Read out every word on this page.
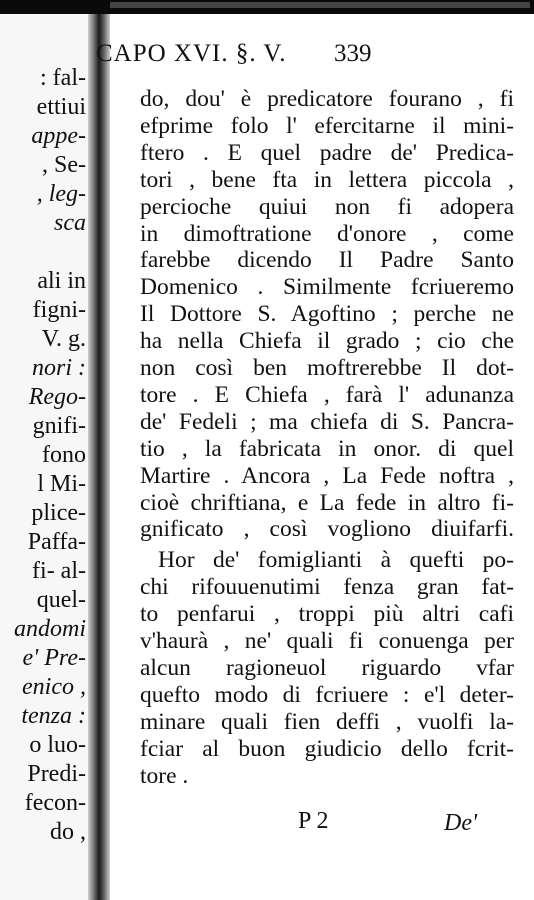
: fal-
ettiui
appe-
, Se-
, leg-
sca
ali in
figni-
V. g.
nori :
Rego-
gnifi-
fono
l Mi-
plice-
Paffa-
fi- al-
quel-
andomi
e' Pre-
enico ,
tenza :
o luo-
Predi-
fecon-
do ,
CAPO XVI. §. V. 339
do, dou' è predicatore fourano , fi
efprime folo l' efercitarne il mini-
ftero . E quel padre de' Predica-
tori , bene fta in lettera piccola ,
percioche quiui non fi adopera
in dimoftratione d'onore , come
farebbe dicendo Il Padre Santo
Domenico . Similmente fcriueremo
Il Dottore S. Agoftino ; perche ne
ha nella Chiefa il grado ; cio che
non così ben moftrerebbe Il dot-
tore . E Chiefa , farà l' adunanza
de' Fedeli ; ma chiefa di S. Pancra-
tio , la fabricata in onor. di quel
Martire . Ancora , La Fede noftra ,
cioè chriftiana, e La fede in altro fi-
gnificato , così vogliono diuifarfi.
Hor de' fomiglianti à quefti po-
chi rifouuenutimi fenza gran fat-
to penfarui , troppi più altri cafi
v'haurà , ne' quali fi conuenga per
alcun ragioneuol riguardo vfar
quefto modo di fcriuere : e'l deter-
minare quali fien deffi , vuolfi la-
fciar al buon giudicio dello fcrit-
tore .
P 2	De'
